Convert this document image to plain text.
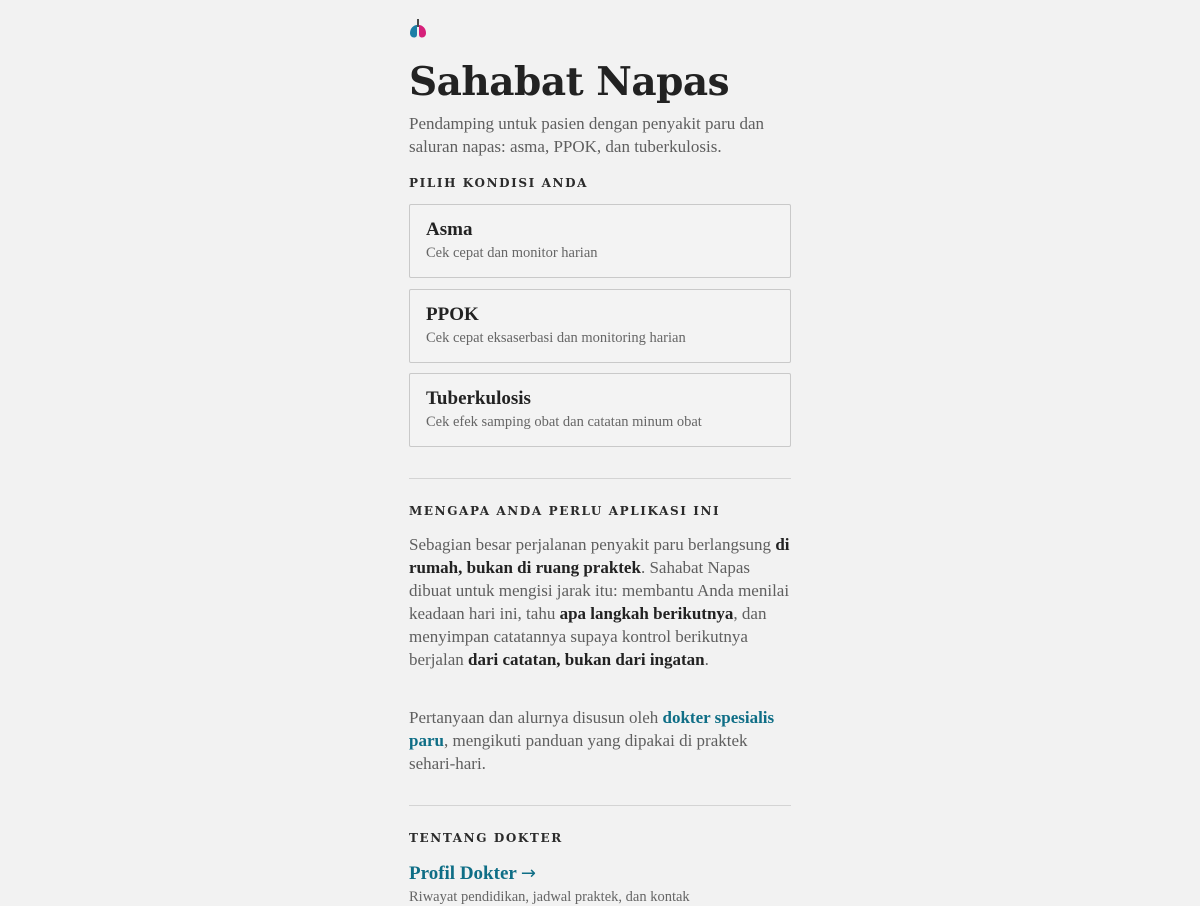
Sahabat Napas

Pendamping untuk pasien dengan penyakit paru dan saluran napas: asma, PPOK, dan tuberkulosis.

PILIH KONDISI ANDA
Asma
Cek cepat dan monitor harian
PPOK
Cek cepat eksaserbasi dan monitoring harian
Tuberkulosis
Cek efek samping obat dan catatan minum obat
MENGAPA ANDA PERLU APLIKASI INI

Sebagian besar perjalanan penyakit paru berlangsung di rumah, bukan di ruang praktek. Sahabat Napas dibuat untuk mengisi jarak itu: membantu Anda menilai keadaan hari ini, tahu apa langkah berikutnya, dan menyimpan catatannya supaya kontrol berikutnya berjalan dari catatan, bukan dari ingatan.

Pertanyaan dan alurnya disusun oleh dokter spesialis paru, mengikuti panduan yang dipakai di praktek sehari-hari.

TENTANG DOKTER
Profil Dokter →
Riwayat pendidikan, jadwal praktek, dan kontak
